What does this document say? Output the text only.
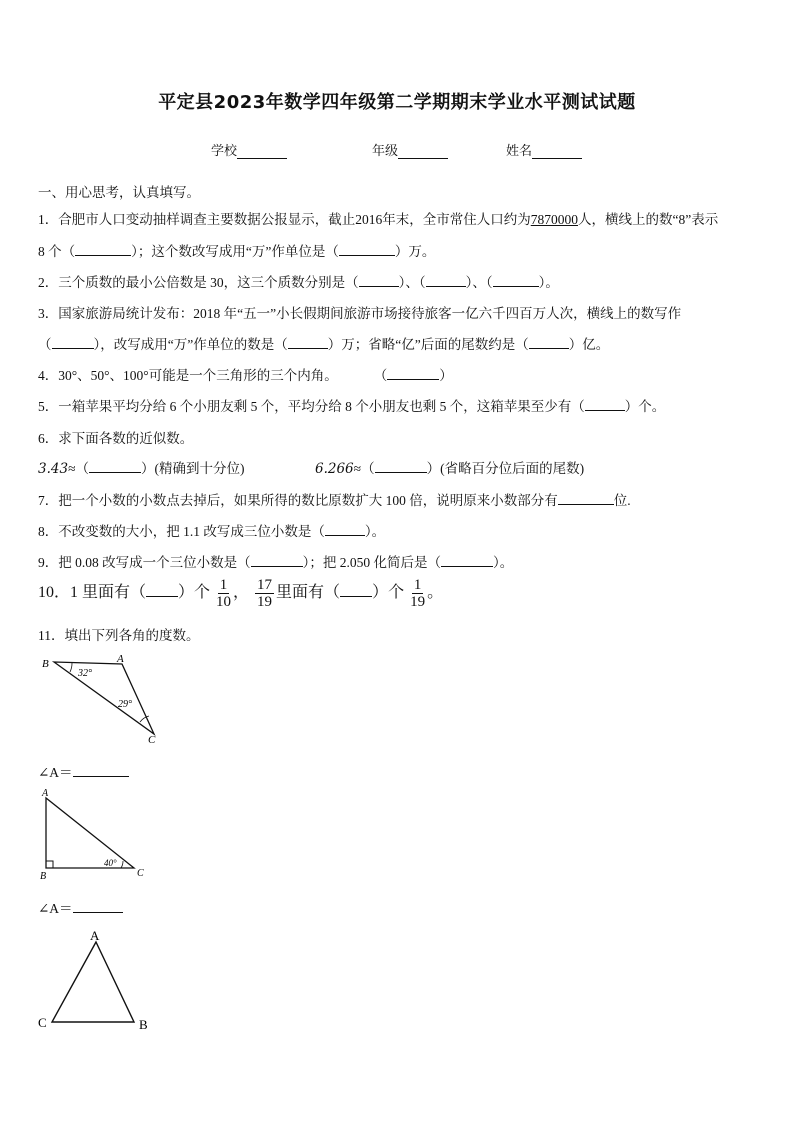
平定县2023年数学四年级第二学期期末学业水平测试试题
学校	年级	姓名
一、用心思考，认真填写。
1．合肥市人口变动抽样调查主要数据公报显示，截止2016年末，全市常住人口约为7870000人，横线上的数“8”表示
8 个（	）；这个数改写成用“万”作单位是（	）万。
2．三个质数的最小公倍数是 30，这三个质数分别是（	）、（	）、（	）。
3．国家旅游局统计发布：2018 年“五一”小长假期间旅游市场接待旅客一亿六千四百万人次，横线上的数写作
（	），改写成用“万”作单位的数是（	）万；省略“亿”后面的尾数约是（	）亿。
4．30°、50°、100°可能是一个三角形的三个内角。	（	）
5．一箱苹果平均分给 6 个小朋友剩 5 个，平均分给 8 个小朋友也剩 5 个，这箱苹果至少有（	）个。
6．求下面各数的近似数。
3.43≈（	）(精确到十分位)	6.266≈（	）(省略百分位后面的尾数)
7．把一个小数的小数点去掉后，如果所得的数比原数扩大 100 倍，说明原来小数部分有	位.
8．不改变数的大小，把 1.1 改写成三位小数是（	）。
9．把 0.08 改写成一个三位小数是（	）；把 2.050 化简后是（	）。
10．1 里面有（ ）个 $\frac{1}{10}$ ， $\frac{17}{19}$ 里面有（ ）个 $\frac{1}{19}$ 。
11．填出下列各角的度数。
B	A
C
32°
29°
∠A＝
A
B	C
40°
∠A＝
A
C	B
